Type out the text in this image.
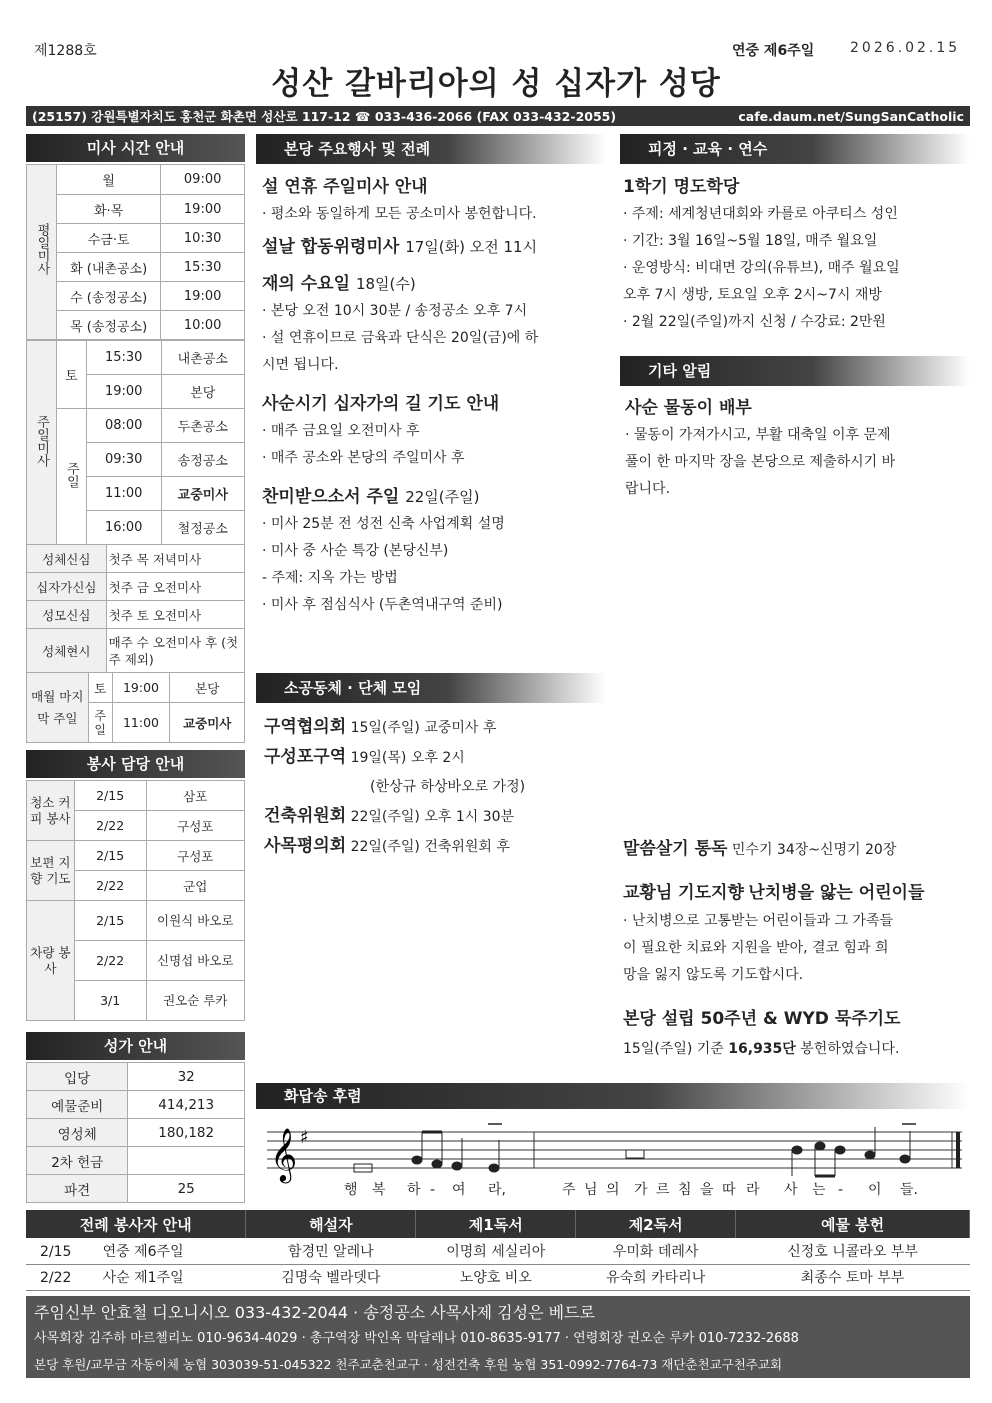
제1288호	연중 제6주일	2026.02.15
성산 갈바리아의 성 십자가 성당
(25157) 강원특별자치도 홍천군 화촌면 성산로 117-12 ☎ 033-436-2066 (FAX 033-432-2055)	cafe.daum.net/SungSanCatholic
미사 시간 안내
평일미사	월	09:00
	화·목	19:00
	수금·토	10:30
	화 (내촌공소)	15:30
	수 (송정공소)	19:00
	목 (송정공소)	10:00
주일미사	토	15:30	내촌공소
		19:00	본당
	주일	08:00	두촌공소
		09:30	송정공소
		11:00	교중미사
		16:00	철정공소
성체신심	첫주 목 저녁미사
십자가신심	첫주 금 오전미사
성모신심	첫주 토 오전미사
성체현시	매주 수 오전미사 후 (첫 주 제외)
매월 마지막 주일	토	19:00	본당
	주일	11:00	교중미사
봉사 담당 안내
청소 커피 봉사	2/15	삼포
	2/22	구성포
보편 지향 기도	2/15	구성포
	2/22	군업
차량 봉사	2/15	이원식 바오로
	2/22	신명섭 바오로
	3/1	권오순 루카
성가 안내
입당	32
예물준비	414,213
영성체	180,182
2차 헌금	
파견	25
본당 주요행사 및 전례
설 연휴 주일미사 안내
· 평소와 동일하게 모든 공소미사 봉헌합니다.
설날 합동위령미사 17일(화) 오전 11시
재의 수요일 18일(수)
· 본당 오전 10시 30분 / 송정공소 오후 7시
· 설 연휴이므로 금육과 단식은 20일(금)에 하
시면 됩니다.
사순시기 십자가의 길 기도 안내
· 매주 금요일 오전미사 후
· 매주 공소와 본당의 주일미사 후
찬미받으소서 주일 22일(주일)
· 미사 25분 전 성전 신축 사업계획 설명
· 미사 중 사순 특강 (본당신부)
- 주제: 지옥 가는 방법
· 미사 후 점심식사 (두촌역내구역 준비)
소공동체 · 단체 모임
구역협의회 15일(주일) 교중미사 후
구성포구역 19일(목) 오후 2시
(한상규 하상바오로 가정)
건축위원회 22일(주일) 오후 1시 30분
사목평의회 22일(주일) 건축위원회 후
피정 · 교육 · 연수
1학기 명도학당
· 주제: 세계청년대회와 카를로 아쿠티스 성인
· 기간: 3월 16일~5월 18일, 매주 월요일
· 운영방식: 비대면 강의(유튜브), 매주 월요일
오후 7시 생방, 토요일 오후 2시~7시 재방
· 2월 22일(주일)까지 신청 / 수강료: 2만원
기타 알림
사순 물동이 배부
· 물동이 가져가시고, 부활 대축일 이후 문제
풀이 한 마지막 장을 본당으로 제출하시기 바
랍니다.
말씀살기 통독 민수기 34장~신명기 20장
교황님 기도지향 난치병을 앓는 어린이들
· 난치병으로 고통받는 어린이들과 그 가족들
이 필요한 치료와 지원을 받아, 결코 힘과 희
망을 잃지 않도록 기도합시다.
본당 설립 50주년 & WYD 묵주기도
15일(주일) 기준 16,935단 봉헌하였습니다.
화답송 후렴
𝄞 ♯
행 복 하 - 여 라,	주 님 의 가 르 침 을 따 라 사 는 - 이 들.
전례 봉사자 안내	해설자	제1독서	제2독서	예물 봉헌
2/15 연중 제6주일	함경민 알레나	이명희 세실리아	우미화 데레사	신정호 니콜라오 부부
2/22 사순 제1주일	김명숙 벨라뎃다	노양호 비오	유숙희 카타리나	최종수 토마 부부
주임신부 안효철 디오니시오 033-432-2044 · 송정공소 사목사제 김성은 베드로
사목회장 김주하 마르첼리노 010-9634-4029 · 총구역장 박인옥 막달레나 010-8635-9177 · 연령회장 권오순 루카 010-7232-2688
본당 후원/교무금 자동이체 농협 303039-51-045322 천주교춘천교구 · 성전건축 후원 농협 351-0992-7764-73 재단춘천교구천주교회
